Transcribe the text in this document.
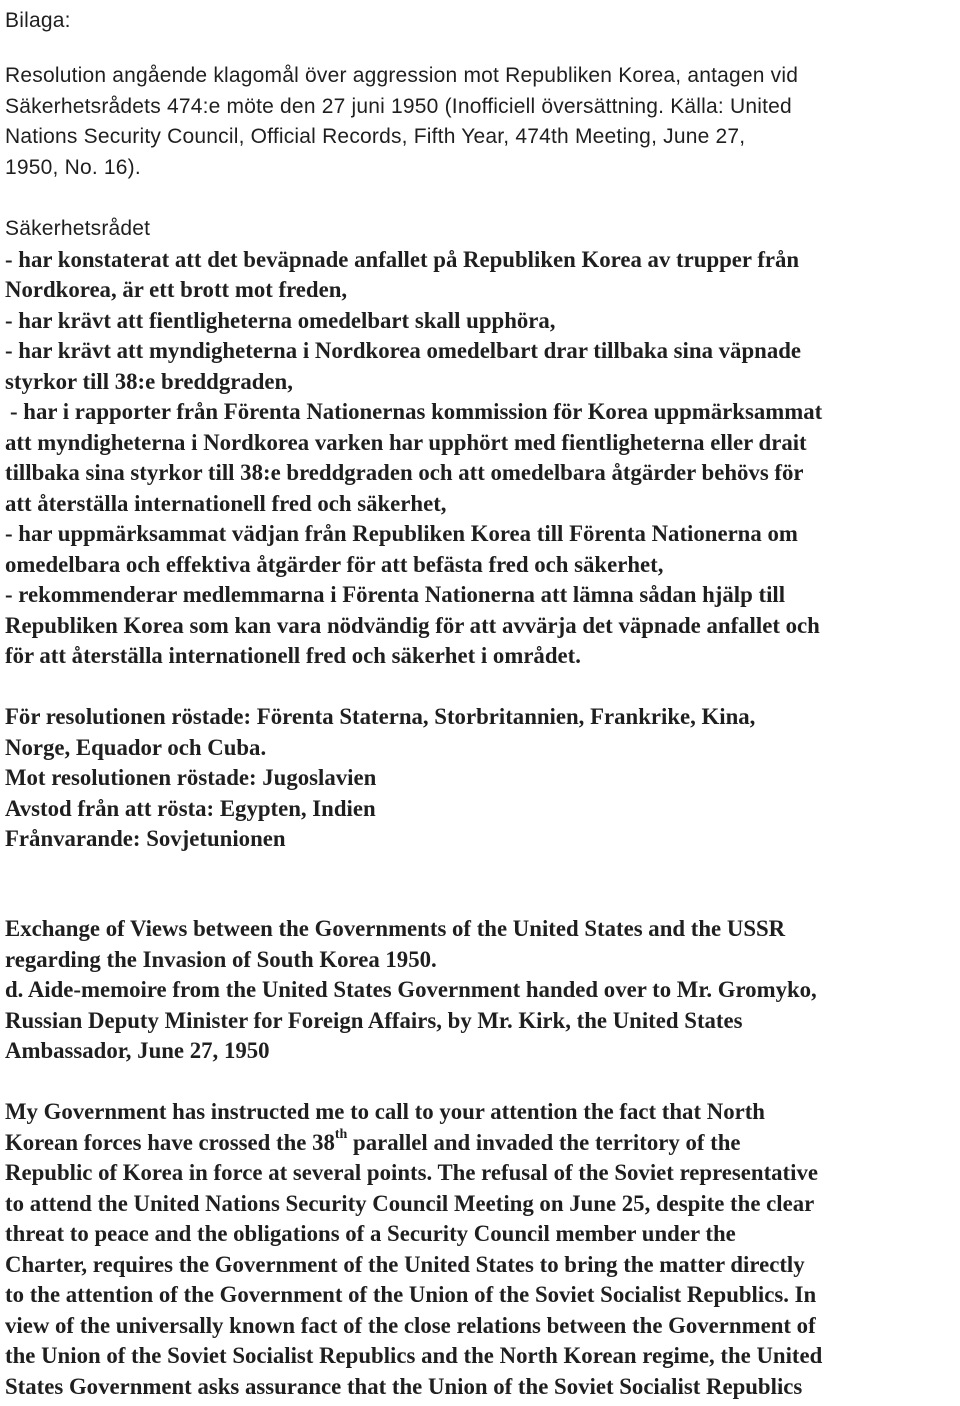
Bilaga:
Resolution angående klagomål över aggression mot Republiken Korea, antagen vid
Säkerhetsrådets 474:e möte den 27 juni 1950 (Inofficiell översättning. Källa: United
Nations Security Council, Official Records, Fifth Year, 474th Meeting, June 27,
1950, No. 16).
Säkerhetsrådet
- har konstaterat att det beväpnade anfallet på Republiken Korea av trupper från
Nordkorea, är ett brott mot freden,
- har krävt att fientligheterna omedelbart skall upphöra,
- har krävt att myndigheterna i Nordkorea omedelbart drar tillbaka sina väpnade
styrkor till 38:e breddgraden,
- har i rapporter från Förenta Nationernas kommission för Korea uppmärksammat
att myndigheterna i Nordkorea varken har upphört med fientligheterna eller drait
tillbaka sina styrkor till 38:e breddgraden och att omedelbara åtgärder behövs för
att återställa internationell fred och säkerhet,
- har uppmärksammat vädjan från Republiken Korea till Förenta Nationerna om
omedelbara och effektiva åtgärder för att befästa fred och säkerhet,
- rekommenderar medlemmarna i Förenta Nationerna att lämna sådan hjälp till
Republiken Korea som kan vara nödvändig för att avvärja det väpnade anfallet och
för att återställa internationell fred och säkerhet i området.
För resolutionen röstade: Förenta Staterna, Storbritannien, Frankrike, Kina,
Norge, Equador och Cuba.
Mot resolutionen röstade: Jugoslavien
Avstod från att rösta: Egypten, Indien
Frånvarande: Sovjetunionen
Exchange of Views between the Governments of the United States and the USSR
regarding the Invasion of South Korea 1950.
d. Aide-memoire from the United States Government handed over to Mr. Gromyko,
Russian Deputy Minister for Foreign Affairs, by Mr. Kirk, the United States
Ambassador, June 27, 1950
My Government has instructed me to call to your attention the fact that North
Korean forces have crossed the 38th parallel and invaded the territory of the
Republic of Korea in force at several points. The refusal of the Soviet representative
to attend the United Nations Security Council Meeting on June 25, despite the clear
threat to peace and the obligations of a Security Council member under the
Charter, requires the Government of the United States to bring the matter directly
to the attention of the Government of the Union of the Soviet Socialist Republics. In
view of the universally known fact of the close relations between the Government of
the Union of the Soviet Socialist Republics and the North Korean regime, the United
States Government asks assurance that the Union of the Soviet Socialist Republics
